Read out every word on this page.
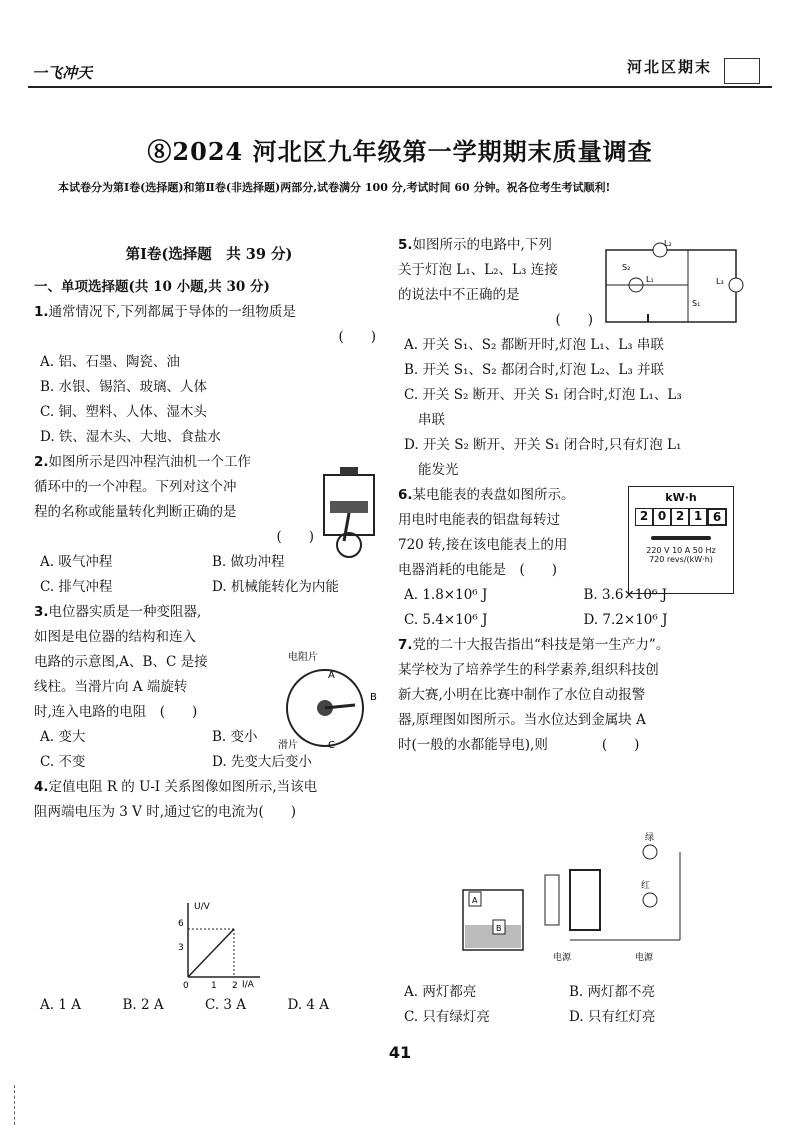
一飞冲天	河北区期末
⑧2024 河北区九年级第一学期期末质量调查
本试卷分为第Ⅰ卷(选择题)和第Ⅱ卷(非选择题)两部分,试卷满分 100 分,考试时间 60 分钟。祝各位考生考试顺利!
第Ⅰ卷(选择题　共 39 分)
一、单项选择题(共 10 小题,共 30 分)
1.通常情况下,下列都属于导体的一组物质是
(　　)
A. 铝、石墨、陶瓷、油
B. 水银、锡箔、玻璃、人体
C. 铜、塑料、人体、湿木头
D. 铁、湿木头、大地、食盐水
2.如图所示是四冲程汽油机一个工作
循环中的一个冲程。下列对这个冲
程的名称或能量转化判断正确的是
(　　)
A. 吸气冲程	B. 做功冲程
C. 排气冲程	D. 机械能转化为内能
3.电位器实质是一种变阻器,
如图是电位器的结构和连入
电路的示意图,A、B、C 是接
线柱。当滑片向 A 端旋转
时,连入电路的电阻　(　　)
A. 变大	B. 变小
C. 不变	D. 先变大后变小
4.定值电阻 R 的 U-I 关系图像如图所示,当该电
阻两端电压为 3 V 时,通过它的电流为(　　)
A. 1 A	B. 2 A	C. 3 A	D. 4 A
电阻片
A
B
C
滑片
U/V
I/A
0 1 2
3
6
5.如图所示的电路中,下列
关于灯泡 L₁、L₂、L₃ 连接
的说法中不正确的是
(　　)
A. 开关 S₁、S₂ 都断开时,灯泡 L₁、L₃ 串联
B. 开关 S₁、S₂ 都闭合时,灯泡 L₂、L₃ 并联
C. 开关 S₂ 断开、开关 S₁ 闭合时,灯泡 L₁、L₃
串联
D. 开关 S₂ 断开、开关 S₁ 闭合时,只有灯泡 L₁
能发光
6.某电能表的表盘如图所示。
用电时电能表的铝盘每转过
720 转,接在该电能表上的用
电器消耗的电能是　(　　)
A. 1.8×10⁶ J	B. 3.6×10⁶ J
C. 5.4×10⁶ J	D. 7.2×10⁶ J
7.党的二十大报告指出“科技是第一生产力”。
某学校为了培养学生的科学素养,组织科技创
新大赛,小明在比赛中制作了水位自动报警
器,原理图如图所示。当水位达到金属块 A
时(一般的水都能导电),则　　　　(　　)
L₂
S₂
L₁	L₃
S₁
kW·h
2 0 2 1 6
220 V 10 A 50 Hz
720 revs/(kW·h)
A
B
绿
红
电源	电源
A. 两灯都亮	B. 两灯都不亮
C. 只有绿灯亮	D. 只有红灯亮
41
